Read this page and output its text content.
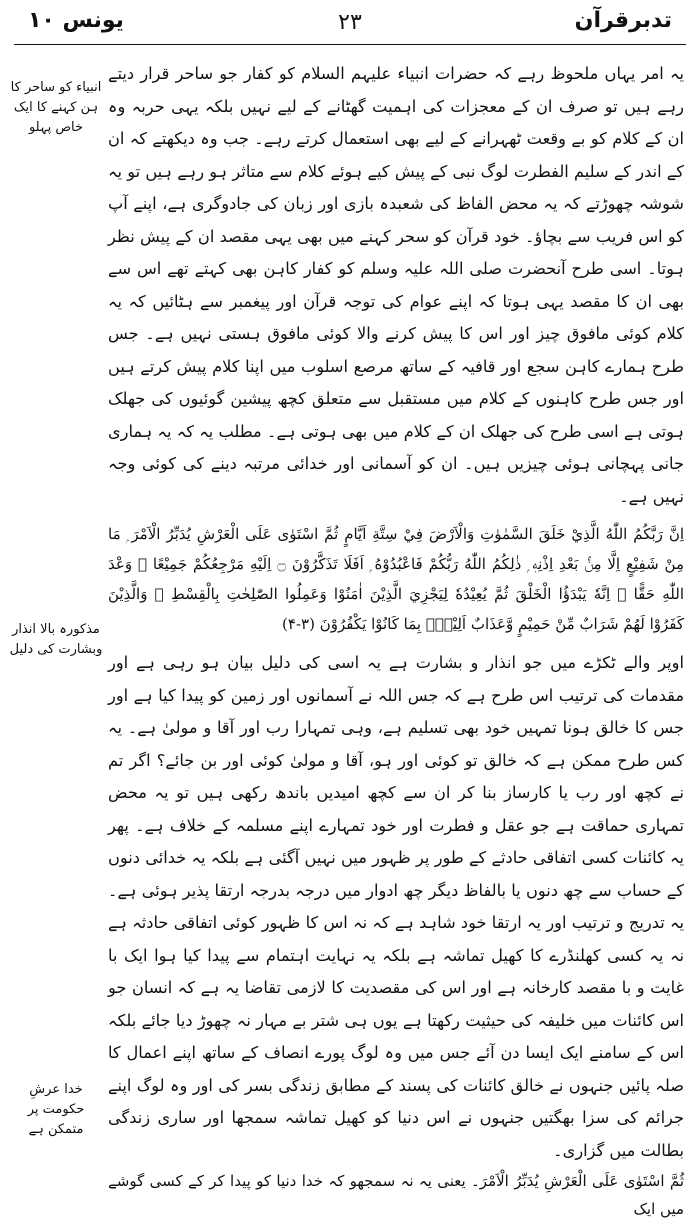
یونس ۱۰	۲۳	تدبرقرآن
انبیاء کو ساحر کا ہن کہنے کا ایک خاص پہلو
مذکورہ بالا انذار وبشارت کی دلیل
خدا عرشِ حکومت پر متمکن ہے

یہ امر یہاں ملحوظ رہے کہ حضرات انبیاء علیہم السلام کو کفار جو ساحر قرار دیتے رہے ہیں تو صرف ان کے معجزات کی اہمیت گھٹانے کے لیے نہیں بلکہ یہی حربہ وہ ان کے کلام کو بے وقعت ٹھہرانے کے لیے بھی استعمال کرتے رہے۔ جب وہ دیکھتے کہ ان کے اندر کے سلیم الفطرت لوگ نبی کے پیش کیے ہوئے کلام سے متاثر ہو رہے ہیں تو یہ شوشہ چھوڑتے کہ یہ محض الفاظ کی شعبدہ بازی اور زبان کی جادوگری ہے، اپنے آپ کو اس فریب سے بچاؤ۔ خود قرآن کو سحر کہنے میں بھی یہی مقصد ان کے پیش نظر ہوتا۔ اسی طرح آنحضرت صلی اللہ علیہ وسلم کو کفار کاہن بھی کہتے تھے اس سے بھی ان کا مقصد یہی ہوتا کہ اپنے عوام کی توجہ قرآن اور پیغمبر سے ہٹائیں کہ یہ کلام کوئی مافوق چیز اور اس کا پیش کرنے والا کوئی مافوق ہستی نہیں ہے۔ جس طرح ہمارے کاہن سجع اور قافیہ کے ساتھ مرصع اسلوب میں اپنا کلام پیش کرتے ہیں اور جس طرح کاہنوں کے کلام میں مستقبل سے متعلق کچھ پیشین گوئیوں کی جھلک ہوتی ہے اسی طرح کی جھلک ان کے کلام میں بھی ہوتی ہے۔ مطلب یہ کہ یہ ہماری جانی پہچانی ہوئی چیزیں ہیں۔ ان کو آسمانی اور خدائی مرتبہ دینے کی کوئی وجہ نہیں ہے۔

اِنَّ رَبَّكُمُ اللّٰهُ الَّذِيْ خَلَقَ السَّمٰوٰتِ وَالْاَرْضَ فِيْ سِتَّةِ اَيَّامٍ ثُمَّ اسْتَوٰى عَلَى الْعَرْشِ يُدَبِّرُ الْاَمْرَ ۭ مَا مِنْ شَفِيْعٍ اِلَّا مِنْۢ بَعْدِ اِذْنِهٖ ۭ ذٰلِكُمُ اللّٰهُ رَبُّكُمْ فَاعْبُدُوْهُ ۭ اَفَلَا تَذَكَّرُوْنَ ۝ اِلَيْهِ مَرْجِعُكُمْ جَمِيْعًا ۭ وَعْدَ اللّٰهِ حَقًّا ۭ اِنَّهٗ يَبْدَؤُا الْخَلْقَ ثُمَّ يُعِيْدُهٗ لِيَجْزِيَ الَّذِيْنَ اٰمَنُوْا وَعَمِلُوا الصّٰلِحٰتِ بِالْقِسْطِ ۭ وَالَّذِيْنَ كَفَرُوْا لَهُمْ شَرَابٌ مِّنْ حَمِيْمٍ وَّعَذَابٌ اَلِيْمٌۢ بِمَا كَانُوْا يَكْفُرُوْنَ (۳-۴)

اوپر والے ٹکڑے میں جو انذار و بشارت ہے یہ اسی کی دلیل بیان ہو رہی ہے اور مقدمات کی ترتیب اس طرح ہے کہ جس اللہ نے آسمانوں اور زمین کو پیدا کیا ہے اور جس کا خالق ہونا تمہیں خود بھی تسلیم ہے، وہی تمہارا رب اور آقا و مولیٰ ہے۔ یہ کس طرح ممکن ہے کہ خالق تو کوئی اور ہو، آقا و مولیٰ کوئی اور بن جائے؟ اگر تم نے کچھ اور رب یا کارساز بنا کر ان سے کچھ امیدیں باندھ رکھی ہیں تو یہ محض تمہاری حماقت ہے جو عقل و فطرت اور خود تمہارے اپنے مسلمہ کے خلاف ہے۔ پھر یہ کائنات کسی اتفاقی حادثے کے طور پر ظہور میں نہیں آگئی ہے بلکہ یہ خدائی دنوں کے حساب سے چھ دنوں یا بالفاظ دیگر چھ ادوار میں درجہ بدرجہ ارتقا پذیر ہوئی ہے۔ یہ تدریج و ترتیب اور یہ ارتقا خود شاہد ہے کہ نہ اس کا ظہور کوئی اتفاقی حادثہ ہے نہ یہ کسی کھلنڈرے کا کھیل تماشہ ہے بلکہ یہ نہایت اہتمام سے پیدا کیا ہوا ایک با غایت و با مقصد کارخانہ ہے اور اس کی مقصدیت کا لازمی تقاضا یہ ہے کہ انسان جو اس کائنات میں خلیفہ کی حیثیت رکھتا ہے یوں ہی شتر بے مہار نہ چھوڑ دیا جائے بلکہ اس کے سامنے ایک ایسا دن آئے جس میں وہ لوگ پورے انصاف کے ساتھ اپنے اعمال کا صلہ پائیں جنہوں نے خالق کائنات کی پسند کے مطابق زندگی بسر کی اور وہ لوگ اپنے جرائم کی سزا بھگتیں جنہوں نے اس دنیا کو کھیل تماشہ سمجھا اور ساری زندگی بطالت میں گزاری۔

ثُمَّ اسْتَوٰى عَلَى الْعَرْشِ يُدَبِّرُ الْاَمْرَ۔ یعنی یہ نہ سمجھو کہ خدا دنیا کو پیدا کر کے کسی گوشے میں ایک
